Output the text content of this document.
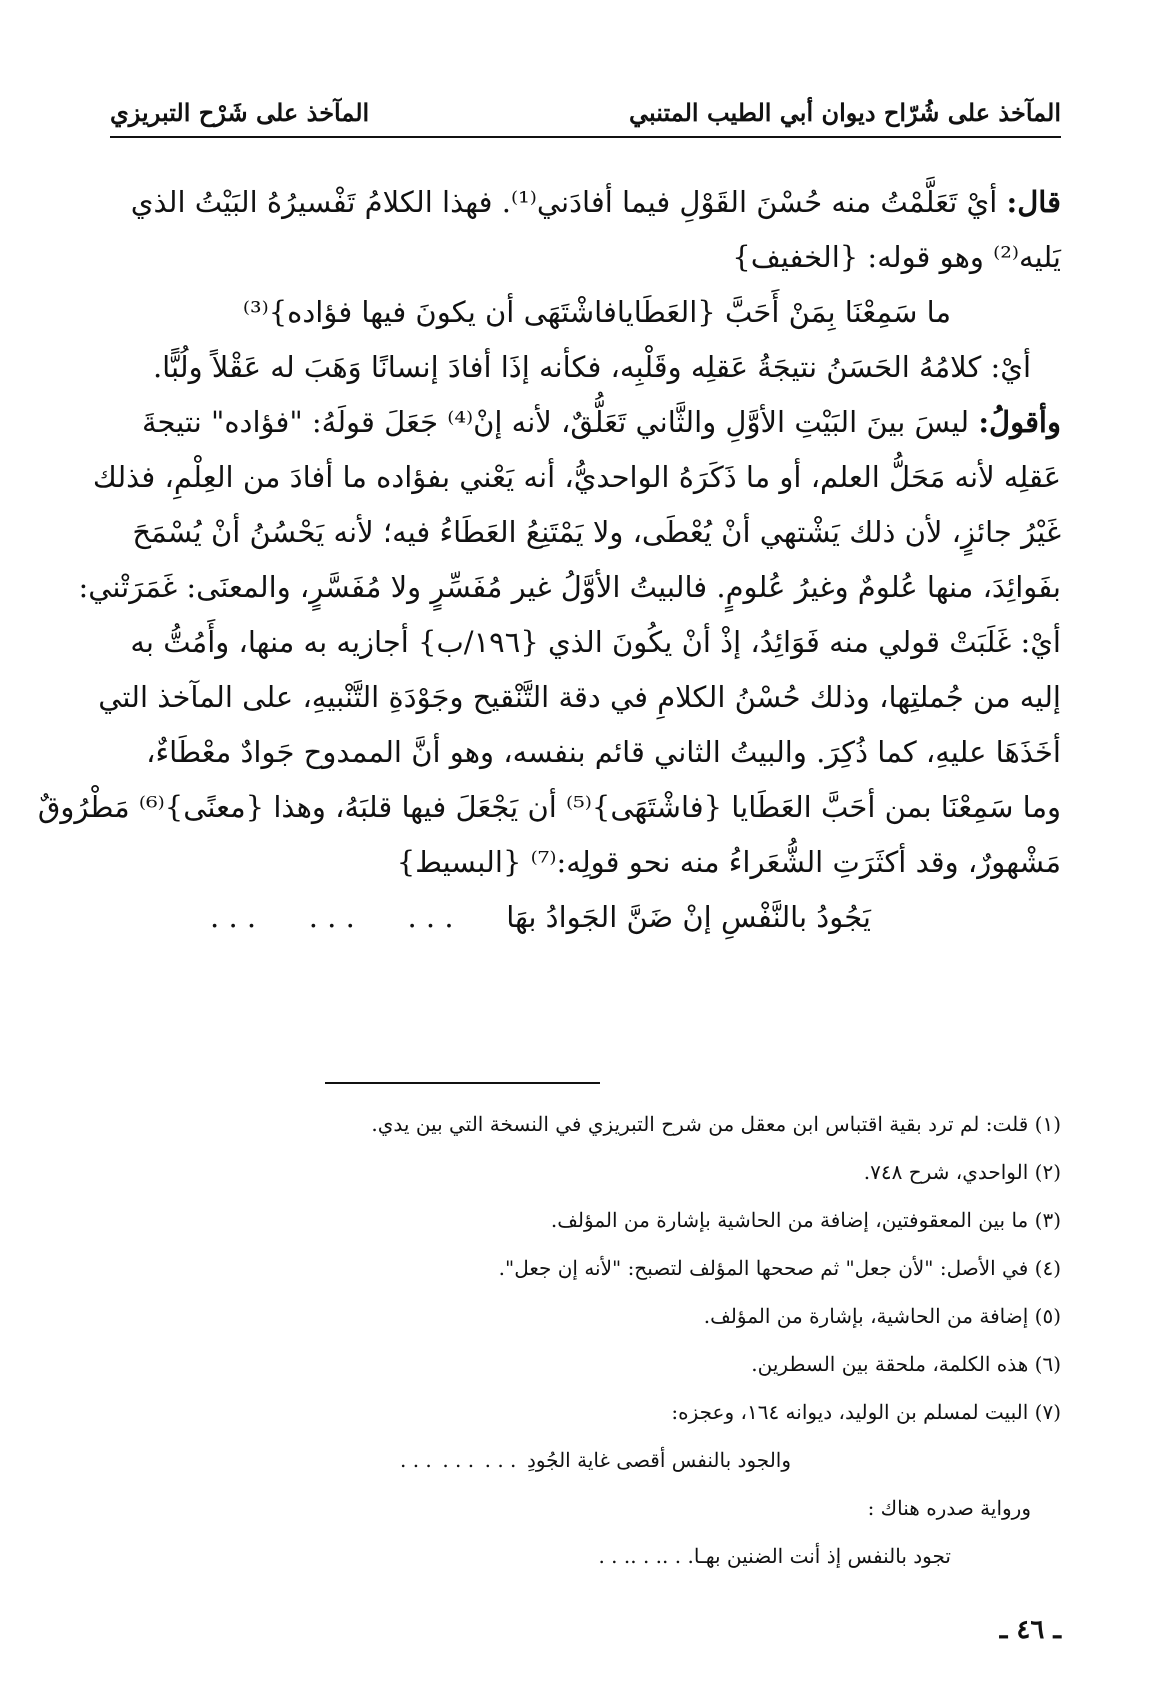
المآخذ على شُرّاح ديوان أبي الطيب المتنبي
المآخذ على شَرْح التبريزي
قال: أيْ تَعَلَّمْتُ منه حُسْنَ القَوْلِ فيما أفادَني⁽¹⁾. فهذا الكلامُ تَفْسيرُهُ البَيْتُ الذي
يَليه⁽²⁾ وهو قوله: {الخفيف}
ما سَمِعْنَا بِمَنْ أَحَبَّ {العَطَايا
فاشْتَهَى أن يكونَ فيها فؤاده}⁽³⁾
أيْ: كلامُهُ الحَسَنُ نتيجَةُ عَقلِه وقَلْبِه، فكأنه إذَا أفادَ إنسانًا وَهَبَ له عَقْلاً ولُبًّا.
وأقولُ: ليسَ بينَ البَيْتِ الأوَّلِ والثَّاني تَعَلُّقٌ، لأنه إنْ⁽⁴⁾ جَعَلَ قولَهُ: "فؤاده" نتيجةَ
عَقلِه لأنه مَحَلُّ العلم، أو ما ذَكَرَهُ الواحديُّ، أنه يَعْني بفؤاده ما أفادَ من العِلْمِ، فذلك
غَيْرُ جائزٍ، لأن ذلك يَشْتهي أنْ يُعْطَى، ولا يَمْتَنِعُ العَطَاءُ فيه؛ لأنه يَحْسُنُ أنْ يُسْمَحَ
بفَوائِدَ، منها عُلومٌ وغيرُ عُلومٍ. فالبيتُ الأوَّلُ غير مُفَسِّرٍ ولا مُفَسَّرٍ، والمعنَى: غَمَرَتْني:
أيْ: غَلَبَتْ قولي منه فَوَائِدُ، إذْ أنْ يكُونَ الذي {١٩٦/ب} أجازيه به منها، وأَمُتُّ به
إليه من جُملتِها، وذلك حُسْنُ الكلامِ في دقة التَّنْقيح وجَوْدَةِ التَّنْبيهِ، على المآخذ التي
أخَذَهَا عليهِ، كما ذُكِرَ. والبيتُ الثاني قائم بنفسه، وهو أنَّ الممدوح جَوادٌ معْطَاءٌ،
وما سَمِعْنَا بمن أحَبَّ العَطَايا {فاشْتَهَى}⁽⁵⁾ أن يَجْعَلَ فيها قلبَهُ، وهذا {معنًى}⁽⁶⁾ مَطْرُوقٌ
مَشْهورٌ، وقد أكثَرَتِ الشُّعَراءُ منه نحو قولِه:⁽⁷⁾ {البسيط}
يَجُودُ بالنَّفْسِ إنْ ضَنَّ الجَوادُ بهَا
. . .
. . .
. . .
(١) قلت: لم ترد بقية اقتباس ابن معقل من شرح التبريزي في النسخة التي بين يدي.
(٢) الواحدي، شرح ٧٤٨.
(٣) ما بين المعقوفتين، إضافة من الحاشية بإشارة من المؤلف.
(٤) في الأصل: "لأن جعل" ثم صححها المؤلف لتصبح: "لأنه إن جعل".
(٥) إضافة من الحاشية، بإشارة من المؤلف.
(٦) هذه الكلمة، ملحقة بين السطرين.
(٧) البيت لمسلم بن الوليد، ديوانه ١٦٤، وعجزه:
والجود بالنفس أقصى غاية الجُودِ
. . .
. . .
. . .
ورواية صدره هناك :
تجود بالنفس إذ أنت الضنين بهـا
. . .
. . .
. . .
ـ ٤٦ ـ
